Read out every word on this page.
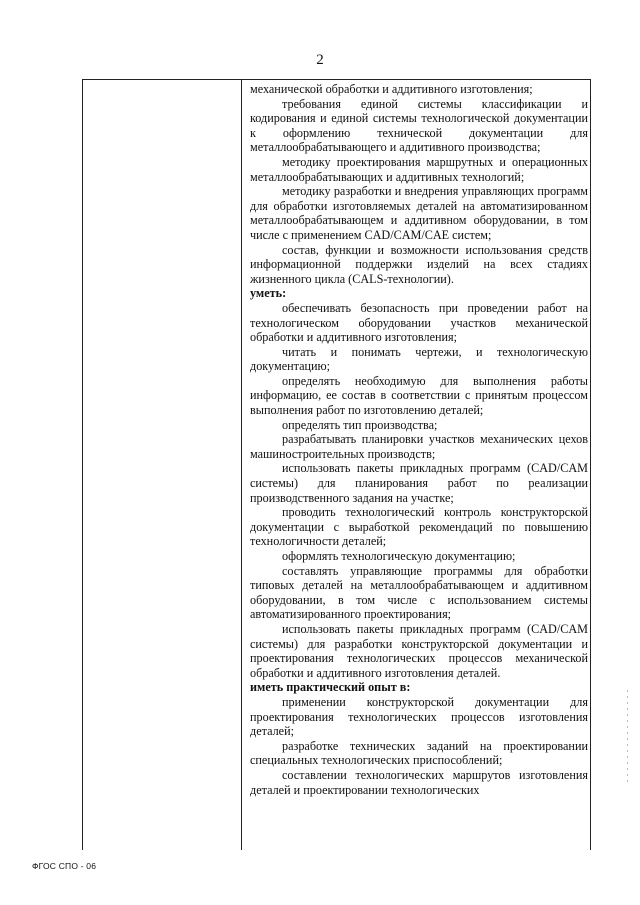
2

механической обработки и аддитивного изготовления;

требования единой системы классификации и кодирования и единой системы технологической документации к оформлению технической документации для металлообрабатывающего и аддитивного производства;

методику проектирования маршрутных и операционных металлообрабатывающих и аддитивных технологий;

методику разработки и внедрения управляющих программ для обработки изготовляемых деталей на автоматизированном металлообрабатывающем и аддитивном оборудовании, в том числе с применением CAD/CAM/CAE систем;

состав, функции и возможности использования средств информационной поддержки изделий на всех стадиях жизненного цикла (CALS-технологии).

уметь:

обеспечивать безопасность при проведении работ на технологическом оборудовании участков механической обработки и аддитивного изготовления;

читать и понимать чертежи, и технологическую документацию;

определять необходимую для выполнения работы информацию, ее состав в соответствии с принятым процессом выполнения работ по изготовлению деталей;

определять тип производства;

разрабатывать планировки участков механических цехов машиностроительных производств;

использовать пакеты прикладных программ (CAD/CAM системы) для планирования работ по реализации производственного задания на участке;

проводить технологический контроль конструкторской документации с выработкой рекомендаций по повышению технологичности деталей;

оформлять технологическую документацию;

составлять управляющие программы для обработки типовых деталей на металлообрабатывающем и аддитивном оборудовании, в том числе с использованием системы автоматизированного проектирования;

использовать пакеты прикладных программ (CAD/CAM системы) для разработки конструкторской документации и проектирования технологических процессов механической обработки и аддитивного изготовления деталей.

иметь практический опыт в:

применении конструкторской документации для проектирования технологических процессов изготовления деталей;

разработке технических заданий на проектировании специальных технологических приспособлений;

составлении технологических маршрутов изготовления деталей и проектировании технологических

ФГОС СПО - 06
